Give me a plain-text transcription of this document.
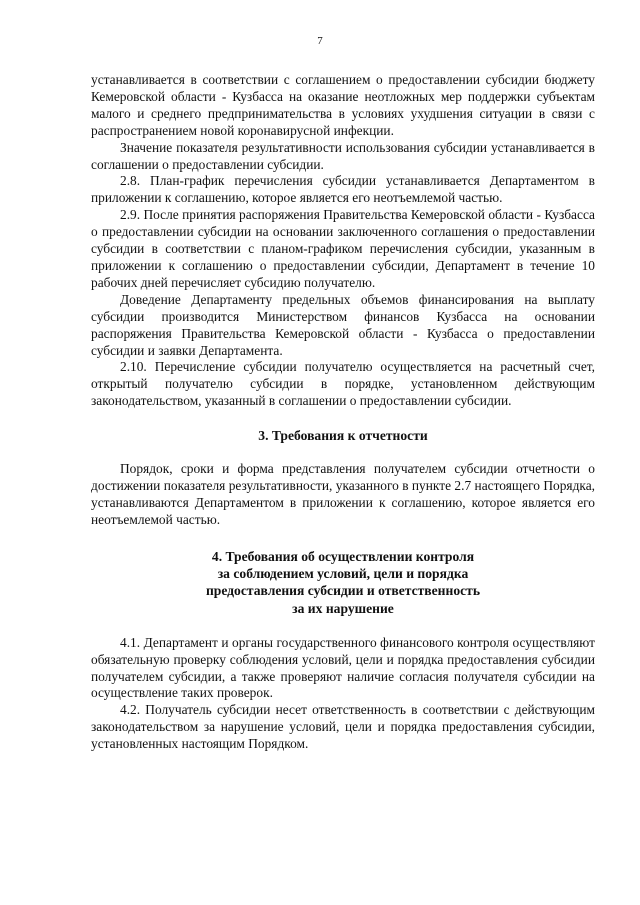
7

устанавливается в соответствии с соглашением о предоставлении субсидии бюджету Кемеровской области - Кузбасса на оказание неотложных мер поддержки субъектам малого и среднего предпринимательства в условиях ухудшения ситуации в связи с распространением новой коронавирусной инфекции.

Значение показателя результативности использования субсидии устанавливается в соглашении о предоставлении субсидии.

2.8. План-график перечисления субсидии устанавливается Департаментом в приложении к соглашению, которое является его неотъемлемой частью.

2.9. После принятия распоряжения Правительства Кемеровской области - Кузбасса о предоставлении субсидии на основании заключенного соглашения о предоставлении субсидии в соответствии с планом-графиком перечисления субсидии, указанным в приложении к соглашению о предоставлении субсидии, Департамент в течение 10 рабочих дней перечисляет субсидию получателю.

Доведение Департаменту предельных объемов финансирования на выплату субсидии производится Министерством финансов Кузбасса на основании распоряжения Правительства Кемеровской области - Кузбасса о предоставлении субсидии и заявки Департамента.

2.10. Перечисление субсидии получателю осуществляется на расчетный счет, открытый получателю субсидии в порядке, установленном действующим законодательством, указанный в соглашении о предоставлении субсидии.

3. Требования к отчетности

Порядок, сроки и форма представления получателем субсидии отчетности о достижении показателя результативности, указанного в пункте 2.7 настоящего Порядка, устанавливаются Департаментом в приложении к соглашению, которое является его неотъемлемой частью.

4. Требования об осуществлении контроля

за соблюдением условий, цели и порядка

предоставления субсидии и ответственность

за их нарушение

4.1. Департамент и органы государственного финансового контроля осуществляют обязательную проверку соблюдения условий, цели и порядка предоставления субсидии получателем субсидии, а также проверяют наличие согласия получателя субсидии на осуществление таких проверок.

4.2. Получатель субсидии несет ответственность в соответствии с действующим законодательством за нарушение условий, цели и порядка предоставления субсидии, установленных настоящим Порядком.
